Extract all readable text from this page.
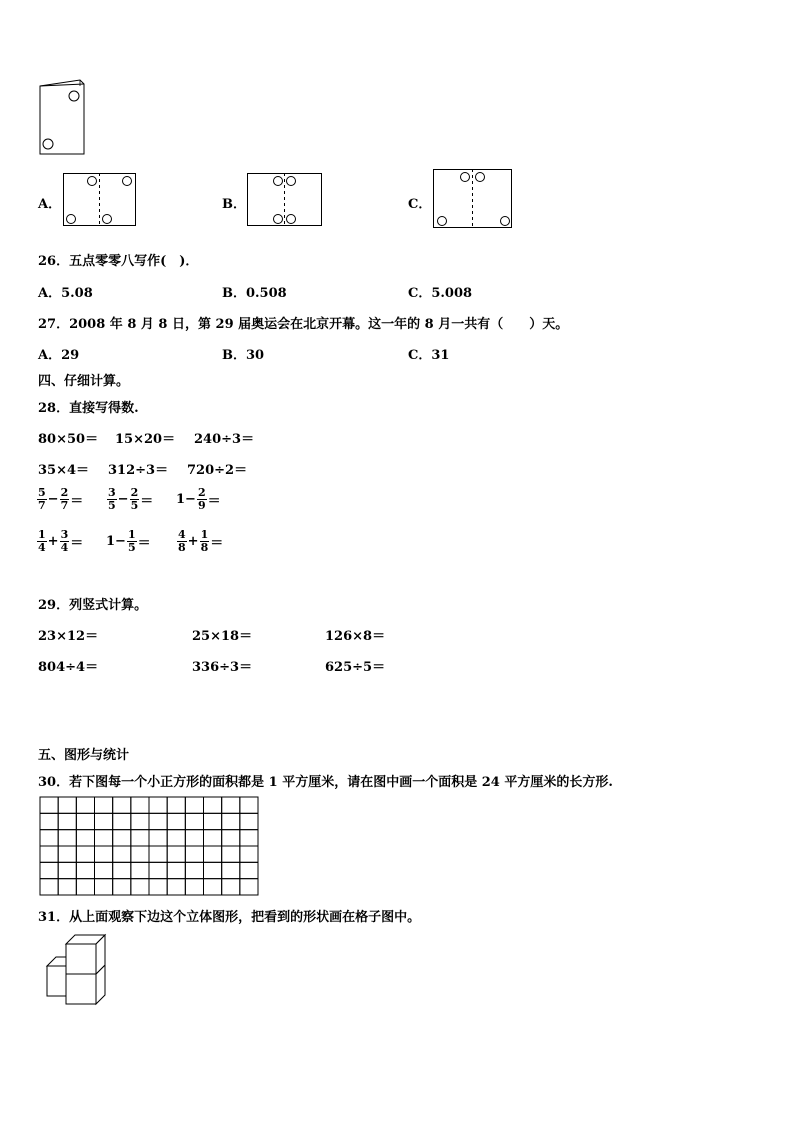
A．	B．	C．
26．五点零零八写作(　)．
A．5.08	B．0.508	C．5.008
27．2008 年 8 月 8 日，第 29 届奥运会在北京开幕。这一年的 8 月一共有（　　）天。
A．29	B．30	C．31
四、仔细计算。
28．直接写得数.
80×50＝ 15×20＝ 240÷3＝
35×4＝ 312÷3＝ 720÷2＝
$\frac{5}{7} - \frac{2}{7} = \frac{3}{5} - \frac{2}{5} = 1 - \frac{2}{9}$ ＝
$\frac{1}{4} + \frac{3}{4} = 1 - \frac{1}{5} = \frac{4}{8} + \frac{1}{8}$ ＝
29．列竖式计算。
23×12＝	25×18＝	126×8＝
804÷4＝	336÷3＝	625÷5＝
五、图形与统计
30．若下图每一个小正方形的面积都是 1 平方厘米，请在图中画一个面积是 24 平方厘米的长方形.
31．从上面观察下边这个立体图形，把看到的形状画在格子图中。
